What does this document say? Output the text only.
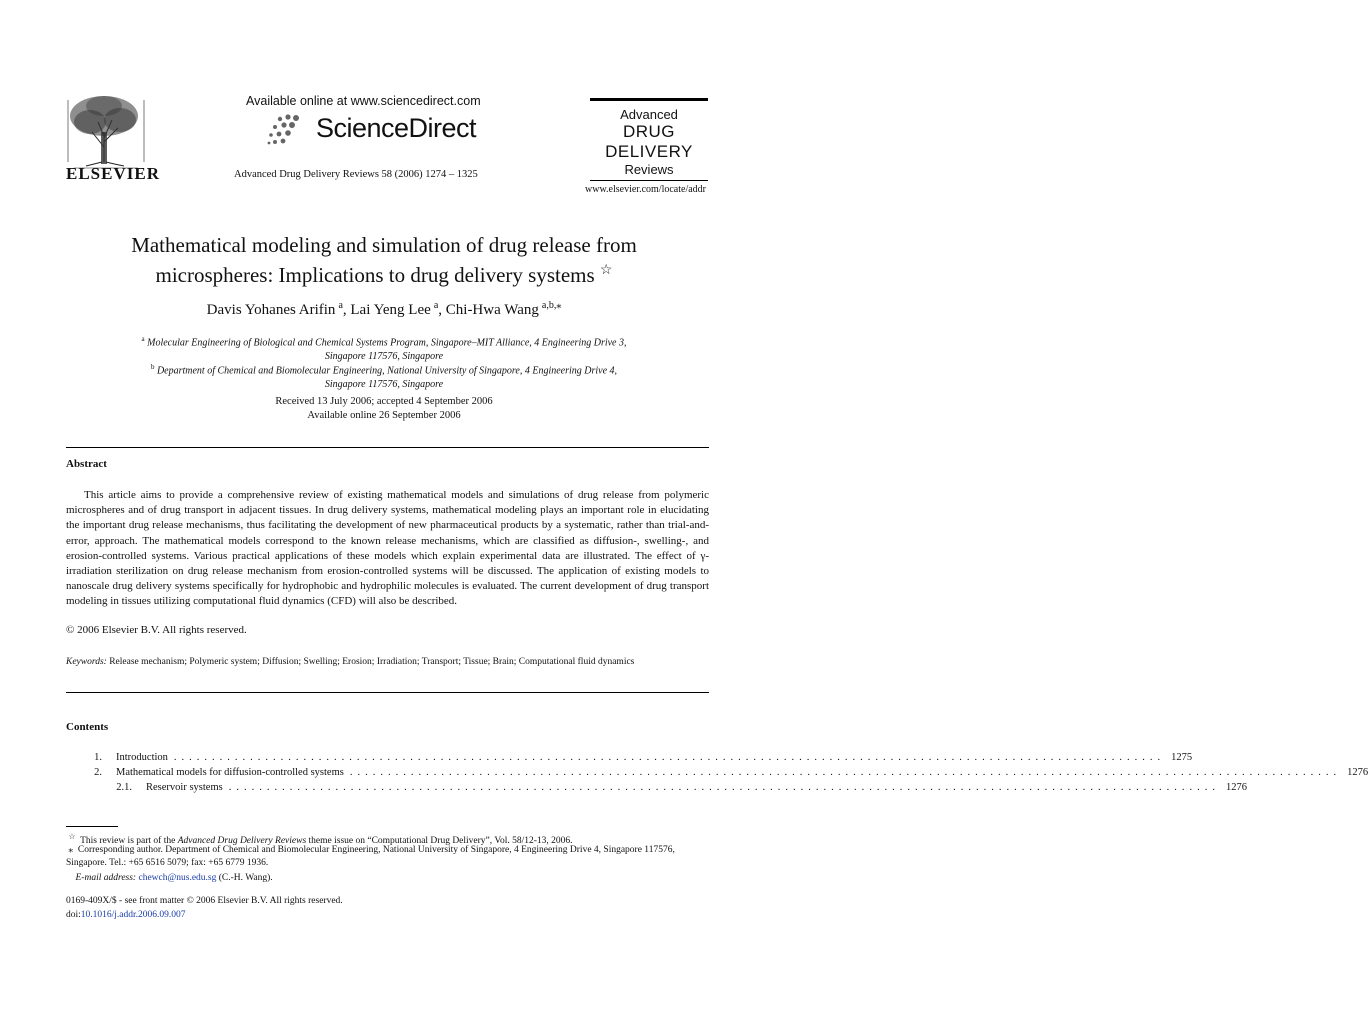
ELSEVIER
Available online at www.sciencedirect.com
ScienceDirect
Advanced Drug Delivery Reviews 58 (2006) 1274 – 1325
Advanced
DRUG DELIVERY
Reviews
www.elsevier.com/locate/addr
Mathematical modeling and simulation of drug release from
microspheres: Implications to drug delivery systems ☆
Davis Yohanes Arifin  $^a$, Lai Yeng Lee  $^a$, Chi-Hwa Wang  $^{a,b,⁎}$
$^a$ Molecular Engineering of Biological and Chemical Systems Program, Singapore–MIT Alliance, 4 Engineering Drive 3,
Singapore 117576, Singapore
$^b$ Department of Chemical and Biomolecular Engineering, National University of Singapore, 4 Engineering Drive 4,
Singapore 117576, Singapore
Received 13 July 2006; accepted 4 September 2006
Available online 26 September 2006
Abstract
This article aims to provide a comprehensive review of existing mathematical models and simulations of drug release from polymeric microspheres and of drug transport in adjacent tissues. In drug delivery systems, mathematical modeling plays an important role in elucidating the important drug release mechanisms, thus facilitating the development of new pharmaceutical products by a systematic, rather than trial-and-error, approach. The mathematical models correspond to the known release mechanisms, which are classified as diffusion-, swelling-, and erosion-controlled systems. Various practical applications of these models which explain experimental data are illustrated. The effect of γ-irradiation sterilization on drug release mechanism from erosion-controlled systems will be discussed. The application of existing models to nanoscale drug delivery systems specifically for hydrophobic and hydrophilic molecules is evaluated. The current development of drug transport modeling in tissues utilizing computational fluid dynamics (CFD) will also be described.
© 2006 Elsevier B.V. All rights reserved.
Keywords: Release mechanism; Polymeric system; Diffusion; Swelling; Erosion; Irradiation; Transport; Tissue; Brain; Computational fluid dynamics
Contents
1. Introduction .................................................................................................................................. 1275
2. Mathematical models for diffusion-controlled systems .................................................................................................................................. 1276
2.1. Reservoir systems .................................................................................................................................. 1276
☆ This review is part of the Advanced Drug Delivery Reviews theme issue on “Computational Drug Delivery”, Vol. 58/12-13, 2006.
⁎ Corresponding author. Department of Chemical and Biomolecular Engineering, National University of Singapore, 4 Engineering Drive 4, Singapore 117576, Singapore. Tel.: +65 6516 5079; fax: +65 6779 1936.
E-mail address: chewch@nus.edu.sg (C.-H. Wang).
0169-409X/$ - see front matter © 2006 Elsevier B.V. All rights reserved.
doi:10.1016/j.addr.2006.09.007
